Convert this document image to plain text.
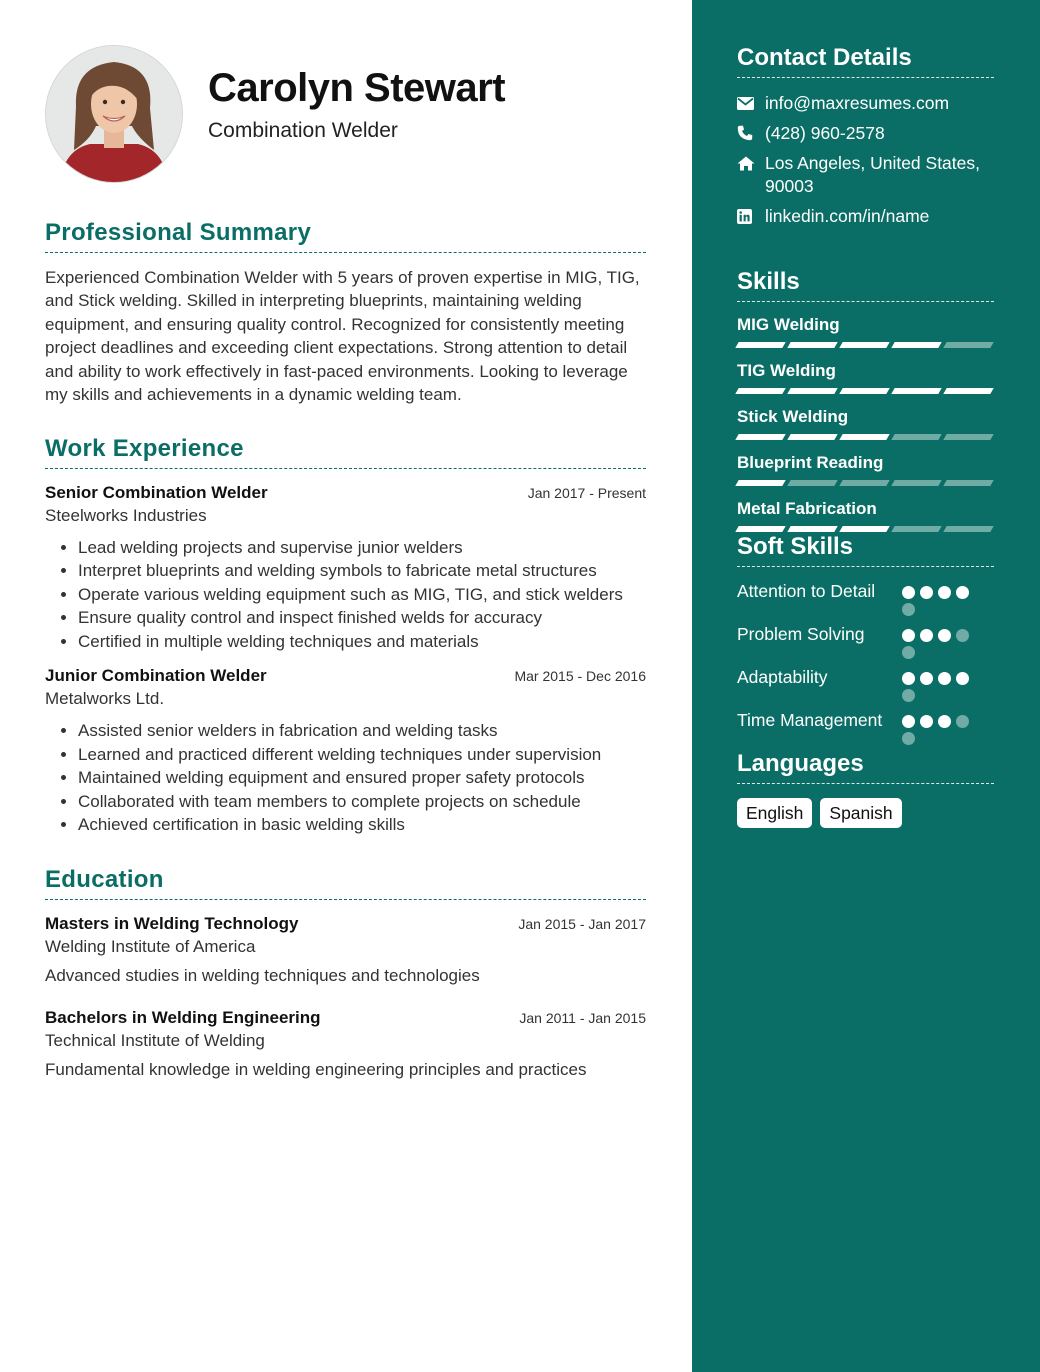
Carolyn Stewart
Combination Welder
Professional Summary
Experienced Combination Welder with 5 years of proven expertise in MIG, TIG, and Stick welding. Skilled in interpreting blueprints, maintaining welding equipment, and ensuring quality control. Recognized for consistently meeting project deadlines and exceeding client expectations. Strong attention to detail and ability to work effectively in fast-paced environments. Looking to leverage my skills and achievements in a dynamic welding team.
Work Experience
Senior Combination Welder	Jan 2017 - Present
Steelworks Industries
• Lead welding projects and supervise junior welders
• Interpret blueprints and welding symbols to fabricate metal structures
• Operate various welding equipment such as MIG, TIG, and stick welders
• Ensure quality control and inspect finished welds for accuracy
• Certified in multiple welding techniques and materials
Junior Combination Welder	Mar 2015 - Dec 2016
Metalworks Ltd.
• Assisted senior welders in fabrication and welding tasks
• Learned and practiced different welding techniques under supervision
• Maintained welding equipment and ensured proper safety protocols
• Collaborated with team members to complete projects on schedule
• Achieved certification in basic welding skills
Education
Masters in Welding Technology	Jan 2015 - Jan 2017
Welding Institute of America
Advanced studies in welding techniques and technologies
Bachelors in Welding Engineering	Jan 2011 - Jan 2015
Technical Institute of Welding
Fundamental knowledge in welding engineering principles and practices
Contact Details
info@maxresumes.com
(428) 960-2578
Los Angeles, United States, 90003
linkedin.com/in/name
Skills
MIG Welding
TIG Welding
Stick Welding
Blueprint Reading
Metal Fabrication
Soft Skills
Attention to Detail
Problem Solving
Adaptability
Time Management
Languages
English	Spanish
